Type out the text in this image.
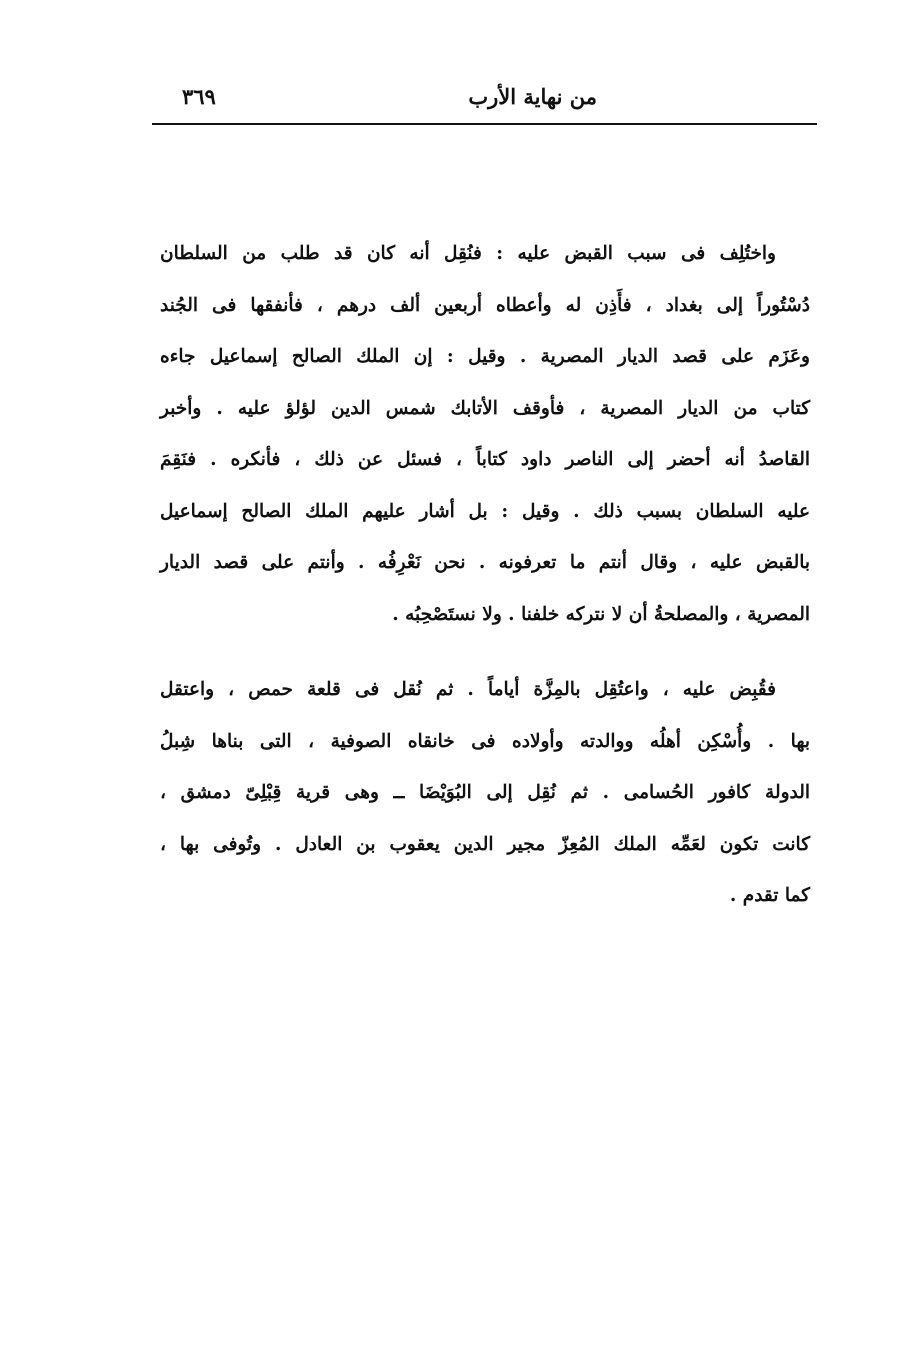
من نهاية الأرب
٣٦٩

واختُلِف فى سبب القبض عليه : فنُقِل أنه كان قد طلب من السلطان
دُسْتُوراً إلى بغداد ، فأَذِن له وأعطاه أربعين ألف درهم ، فأنفقها فى الجُند
وعَزَم على قصد الديار المصرية . وقيل : إن الملك الصالح إسماعيل جاءه
كتاب من الديار المصرية ، فأوقف الأتابك شمس الدين لؤلؤ عليه . وأخبر
القاصدُ أنه أحضر إلى الناصر داود كتاباً ، فسئل عن ذلك ، فأنكره . فنَقِمَ
عليه السلطان بسبب ذلك . وقيل : بل أشار عليهم الملك الصالح إسماعيل
بالقبض عليه ، وقال أنتم ما تعرفونه . نحن نَعْرِفُه . وأنتم على قصد الديار
المصرية ، والمصلحةُ أن لا نتركه خلفنا . ولا نستَصْحِبُه .

فقُبِض عليه ، واعتُقِل بالمِزَّة أياماً . ثم نُقل فى قلعة حمص ، واعتقل
بها . وأُسْكِن أهلُه ووالدته وأولاده فى خانقاه الصوفية ، التى بناها شِبلُ
الدولة كافور الحُسامى . ثم نُقِل إلى البُوَيْضَا ــ وهى قرية قِبْلِىّ دمشق ،
كانت تكون لعَمِّه الملك المُعِزّ مجير الدين يعقوب بن العادل . وتُوفى بها ،
كما تقدم .
